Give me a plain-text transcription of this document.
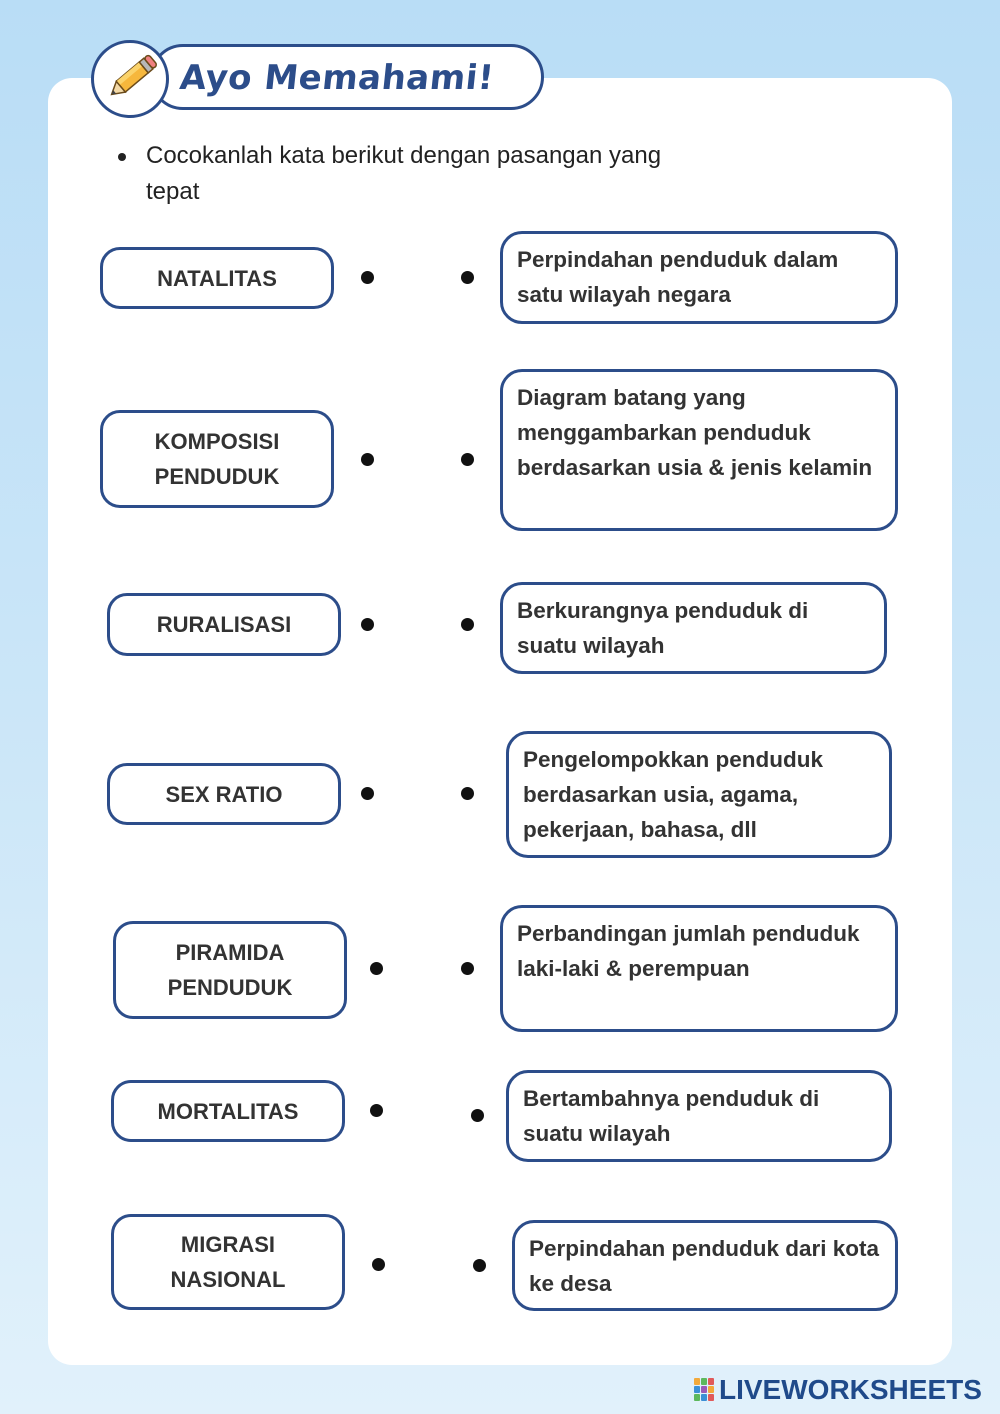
Ayo Memahami!
Cocokanlah kata berikut dengan pasangan yang tepat
NATALITAS
KOMPOSISI
PENDUDUK
RURALISASI
SEX RATIO
PIRAMIDA
PENDUDUK
MORTALITAS
MIGRASI
NASIONAL
Perpindahan penduduk dalam satu wilayah negara
Diagram batang yang menggambarkan penduduk berdasarkan usia & jenis kelamin
Berkurangnya penduduk di suatu wilayah
Pengelompokkan penduduk berdasarkan usia, agama, pekerjaan, bahasa, dll
Perbandingan jumlah penduduk laki-laki & perempuan
Bertambahnya penduduk di suatu wilayah
Perpindahan penduduk dari kota ke desa
LIVEWORKSHEETS
